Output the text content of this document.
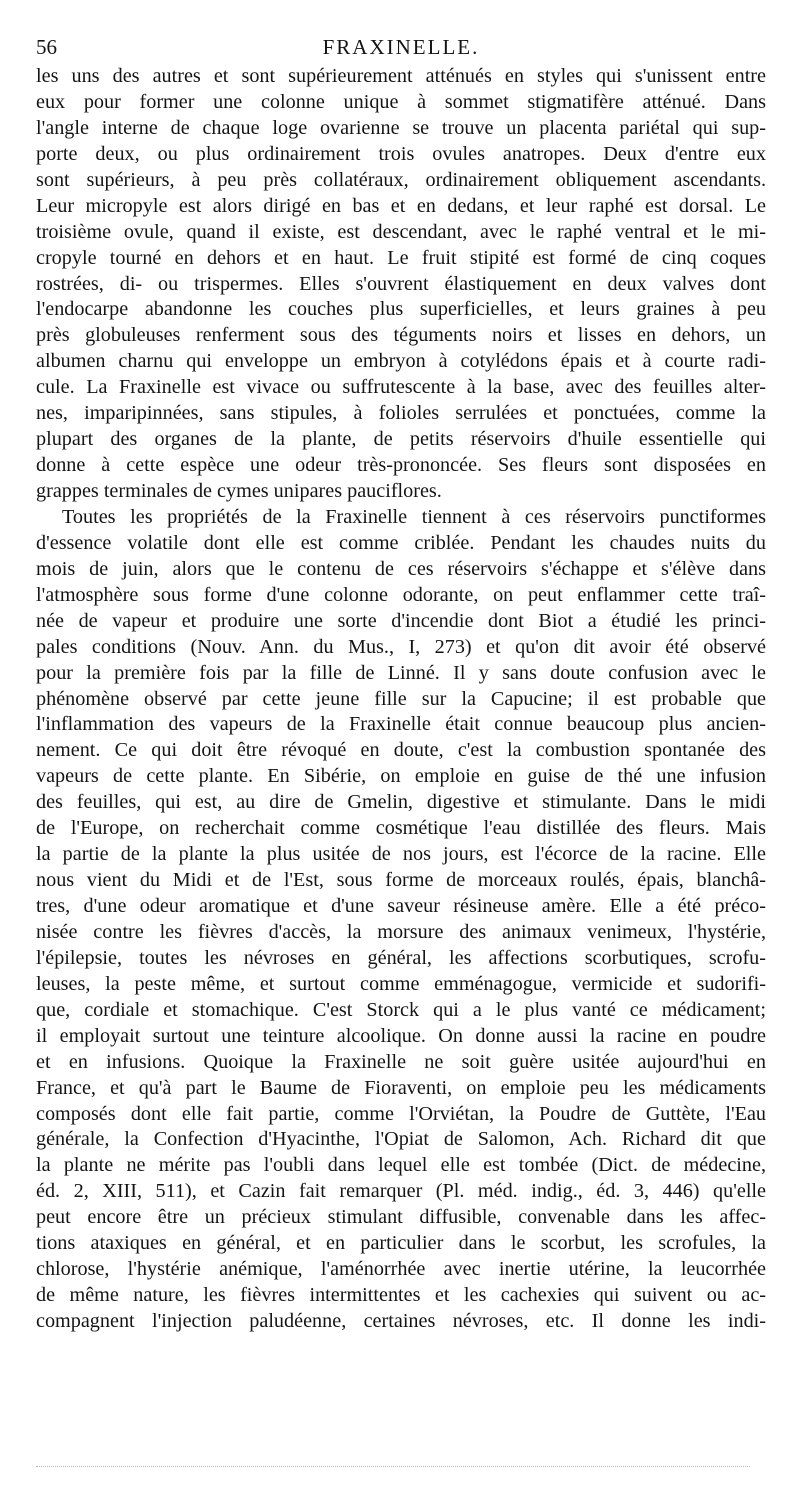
56	FRAXINELLE.
les uns des autres et sont supérieurement atténués en styles qui s'unissent entre
eux pour former une colonne unique à sommet stigmatifère atténué. Dans
l'angle interne de chaque loge ovarienne se trouve un placenta pariétal qui sup-
porte deux, ou plus ordinairement trois ovules anatropes. Deux d'entre eux
sont supérieurs, à peu près collatéraux, ordinairement obliquement ascendants.
Leur micropyle est alors dirigé en bas et en dedans, et leur raphé est dorsal. Le
troisième ovule, quand il existe, est descendant, avec le raphé ventral et le mi-
cropyle tourné en dehors et en haut. Le fruit stipité est formé de cinq coques
rostrées, di- ou trispermes. Elles s'ouvrent élastiquement en deux valves dont
l'endocarpe abandonne les couches plus superficielles, et leurs graines à peu
près globuleuses renferment sous des téguments noirs et lisses en dehors, un
albumen charnu qui enveloppe un embryon à cotylédons épais et à courte radi-
cule. La Fraxinelle est vivace ou suffrutescente à la base, avec des feuilles alter-
nes, imparipinnées, sans stipules, à folioles serrulées et ponctuées, comme la
plupart des organes de la plante, de petits réservoirs d'huile essentielle qui
donne à cette espèce une odeur très-prononcée. Ses fleurs sont disposées en
grappes terminales de cymes unipares pauciflores.
Toutes les propriétés de la Fraxinelle tiennent à ces réservoirs punctiformes
d'essence volatile dont elle est comme criblée. Pendant les chaudes nuits du
mois de juin, alors que le contenu de ces réservoirs s'échappe et s'élève dans
l'atmosphère sous forme d'une colonne odorante, on peut enflammer cette traî-
née de vapeur et produire une sorte d'incendie dont Biot a étudié les princi-
pales conditions (Nouv. Ann. du Mus., I, 273) et qu'on dit avoir été observé
pour la première fois par la fille de Linné. Il y sans doute confusion avec le
phénomène observé par cette jeune fille sur la Capucine; il est probable que
l'inflammation des vapeurs de la Fraxinelle était connue beaucoup plus ancien-
nement. Ce qui doit être révoqué en doute, c'est la combustion spontanée des
vapeurs de cette plante. En Sibérie, on emploie en guise de thé une infusion
des feuilles, qui est, au dire de Gmelin, digestive et stimulante. Dans le midi
de l'Europe, on recherchait comme cosmétique l'eau distillée des fleurs. Mais
la partie de la plante la plus usitée de nos jours, est l'écorce de la racine. Elle
nous vient du Midi et de l'Est, sous forme de morceaux roulés, épais, blanchâ-
tres, d'une odeur aromatique et d'une saveur résineuse amère. Elle a été préco-
nisée contre les fièvres d'accès, la morsure des animaux venimeux, l'hystérie,
l'épilepsie, toutes les névroses en général, les affections scorbutiques, scrofu-
leuses, la peste même, et surtout comme emménagogue, vermicide et sudorifi-
que, cordiale et stomachique. C'est Storck qui a le plus vanté ce médicament;
il employait surtout une teinture alcoolique. On donne aussi la racine en poudre
et en infusions. Quoique la Fraxinelle ne soit guère usitée aujourd'hui en
France, et qu'à part le Baume de Fioraventi, on emploie peu les médicaments
composés dont elle fait partie, comme l'Orviétan, la Poudre de Guttète, l'Eau
générale, la Confection d'Hyacinthe, l'Opiat de Salomon, Ach. Richard dit que
la plante ne mérite pas l'oubli dans lequel elle est tombée (Dict. de médecine,
éd. 2, XIII, 511), et Cazin fait remarquer (Pl. méd. indig., éd. 3, 446) qu'elle
peut encore être un précieux stimulant diffusible, convenable dans les affec-
tions ataxiques en général, et en particulier dans le scorbut, les scrofules, la
chlorose, l'hystérie anémique, l'aménorrhée avec inertie utérine, la leucorrhée
de même nature, les fièvres intermittentes et les cachexies qui suivent ou ac-
compagnent l'injection paludéenne, certaines névroses, etc. Il donne les indi-
